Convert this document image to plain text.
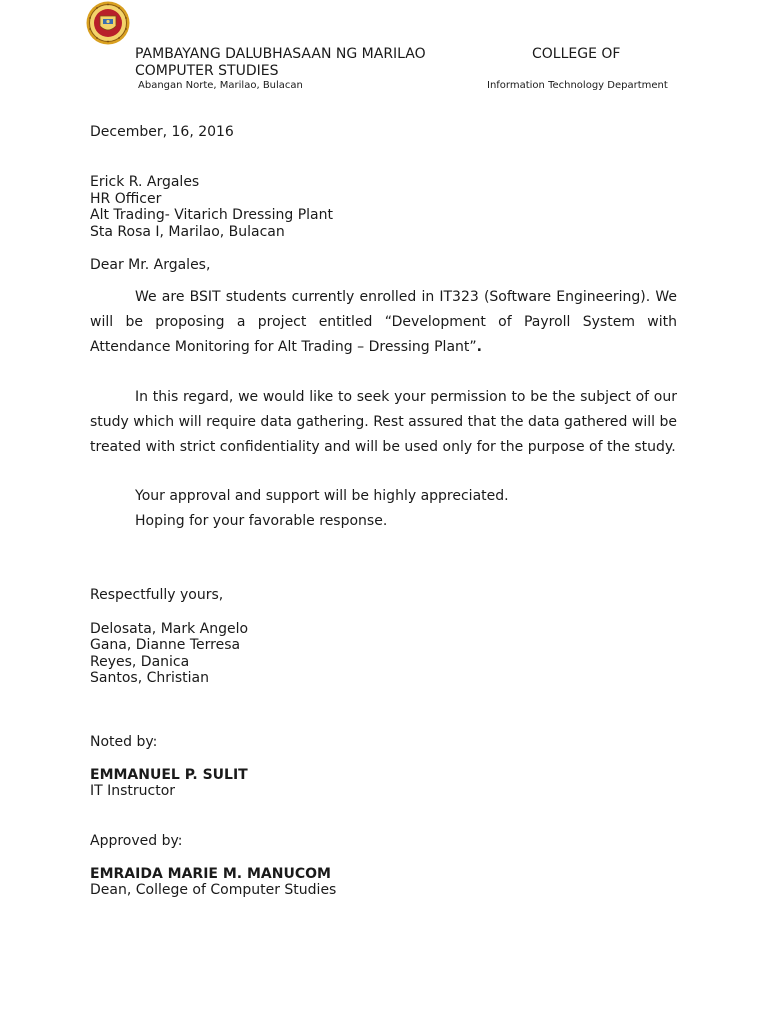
PAMBAYANG DALUBHASAAN NG MARILAO	COLLEGE OF
COMPUTER STUDIES
Abangan Norte, Marilao, Bulacan	Information Technology Department
December, 16, 2016
Erick R. Argales
HR Officer
Alt Trading- Vitarich Dressing Plant
Sta Rosa I, Marilao, Bulacan
Dear Mr. Argales,
We are BSIT students currently enrolled in IT323 (Software Engineering). We will be proposing a project entitled “Development of Payroll System with Attendance Monitoring for Alt Trading – Dressing Plant”.
In this regard, we would like to seek your permission to be the subject of our study which will require data gathering. Rest assured that the data gathered will be treated with strict confidentiality and will be used only for the purpose of the study.
Your approval and support will be highly appreciated.
Hoping for your favorable response.
Respectfully yours,
Delosata, Mark Angelo
Gana, Dianne Terresa
Reyes, Danica
Santos, Christian
Noted by:
EMMANUEL P. SULIT
IT Instructor
Approved by:
EMRAIDA MARIE M. MANUCOM
Dean, College of Computer Studies
